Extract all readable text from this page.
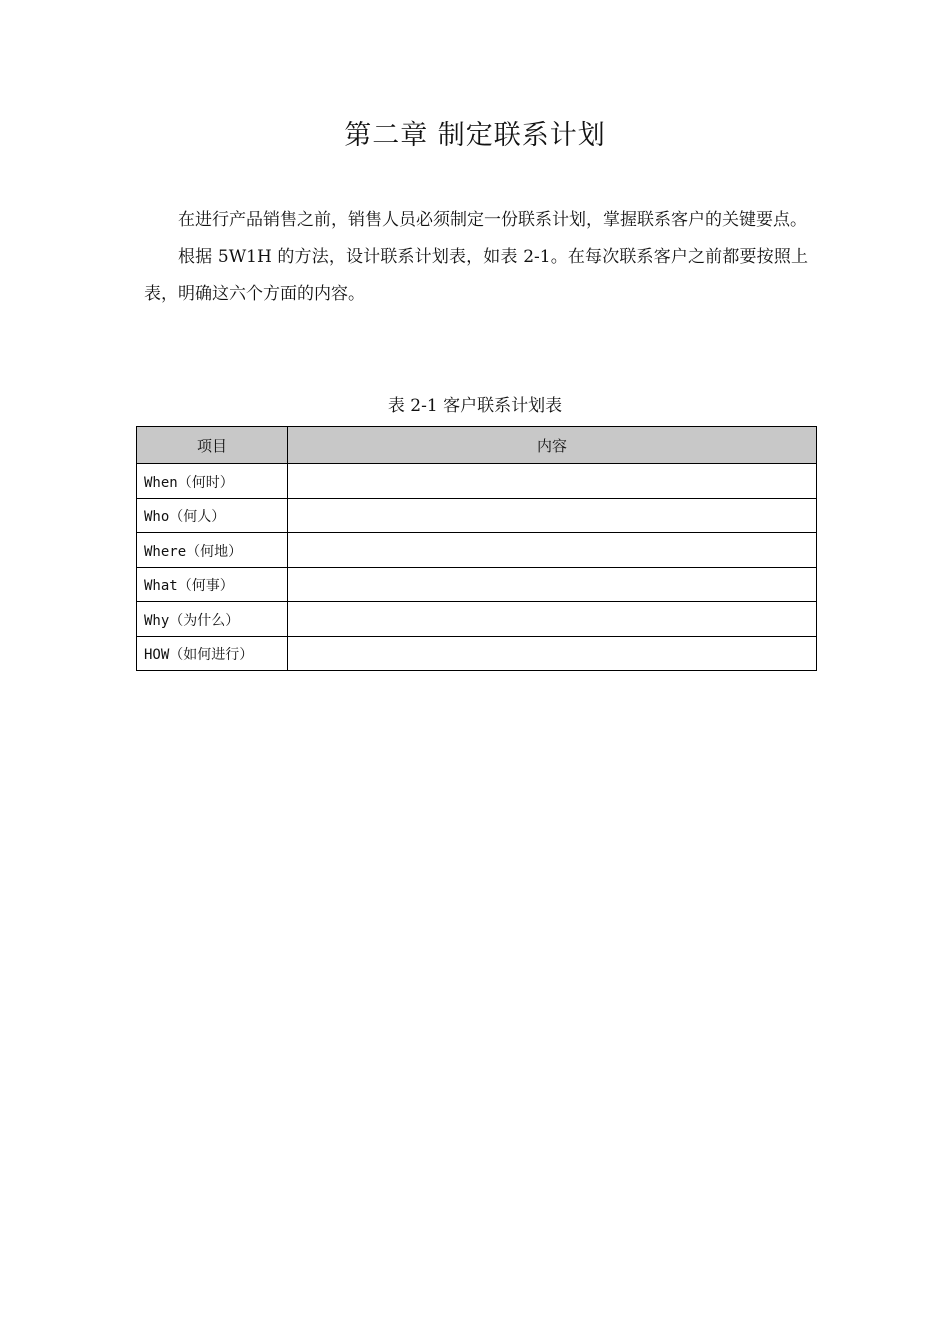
第二章 制定联系计划

在进行产品销售之前，销售人员必须制定一份联系计划，掌握联系客户的关键要点。

根据 5W1H 的方法，设计联系计划表，如表 2-1。在每次联系客户之前都要按照上表，明确这六个方面的内容。

表 2-1 客户联系计划表
项目	内容
When（何时）	
Who（何人）	
Where（何地）	
What（何事）	
Why（为什么）	
HOW（如何进行）	
